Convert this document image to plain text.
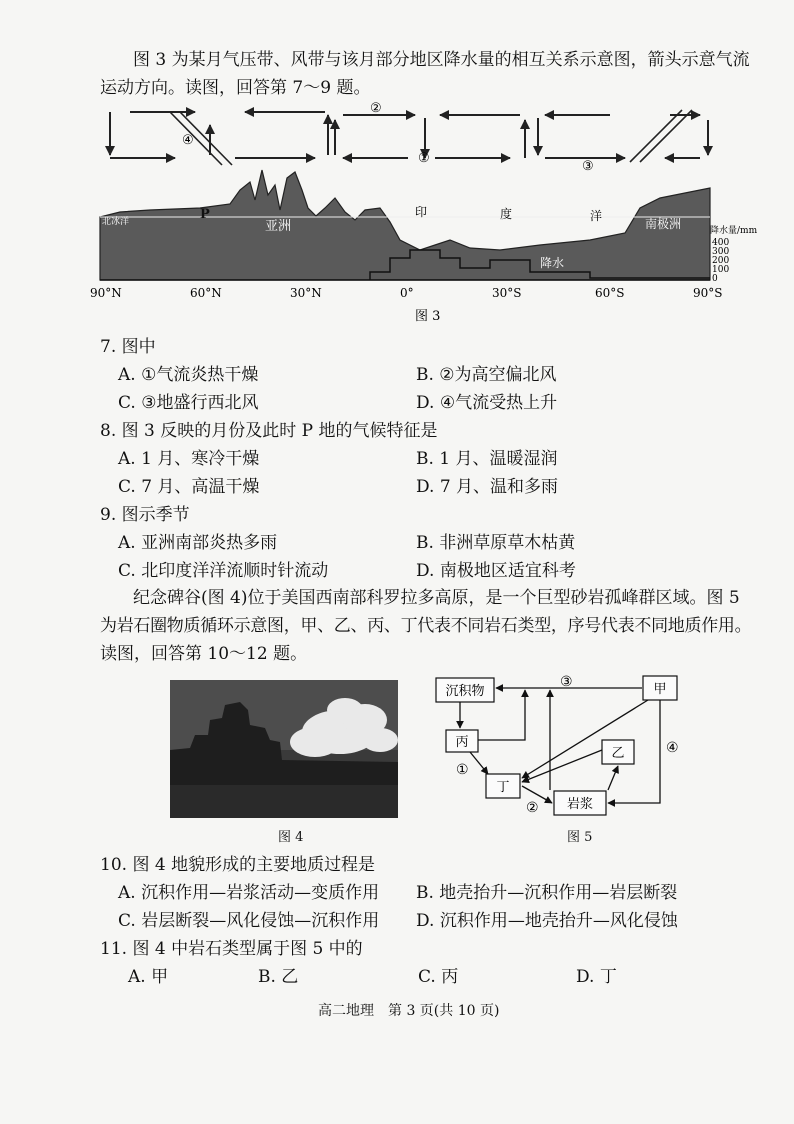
图 3 为某月气压带、风带与该月部分地区降水量的相互关系示意图，箭头示意气流
运动方向。读图，回答第 7～9 题。
④
②
①
③
北冰洋	P
亚洲
印	度	洋
南极洲
降水
降水量/mm
400
300
200
100
0
90°N	60°N	30°N	0°	30°S	60°S	90°S
图 3
7. 图中
A. ①气流炎热干燥	B. ②为高空偏北风
C. ③地盛行西北风	D. ④气流受热上升
8. 图 3 反映的月份及此时 P 地的气候特征是
A. 1 月、寒冷干燥	B. 1 月、温暖湿润
C. 7 月、高温干燥	D. 7 月、温和多雨
9. 图示季节
A. 亚洲南部炎热多雨	B. 非洲草原草木枯黄
C. 北印度洋洋流顺时针流动	D. 南极地区适宜科考
纪念碑谷(图 4)位于美国西南部科罗拉多高原，是一个巨型砂岩孤峰群区域。图 5
为岩石圈物质循环示意图，甲、乙、丙、丁代表不同岩石类型，序号代表不同地质作用。
读图，回答第 10～12 题。
图 4
沉积物	甲
丙
乙
丁
岩浆
③
④
①
②
图 5
10. 图 4 地貌形成的主要地质过程是
A. 沉积作用—岩浆活动—变质作用 B. 地壳抬升—沉积作用—岩层断裂
C. 岩层断裂—风化侵蚀—沉积作用 D. 沉积作用—地壳抬升—风化侵蚀
11. 图 4 中岩石类型属于图 5 中的
A. 甲	B. 乙	C. 丙	D. 丁
高二地理　第 3 页(共 10 页)
